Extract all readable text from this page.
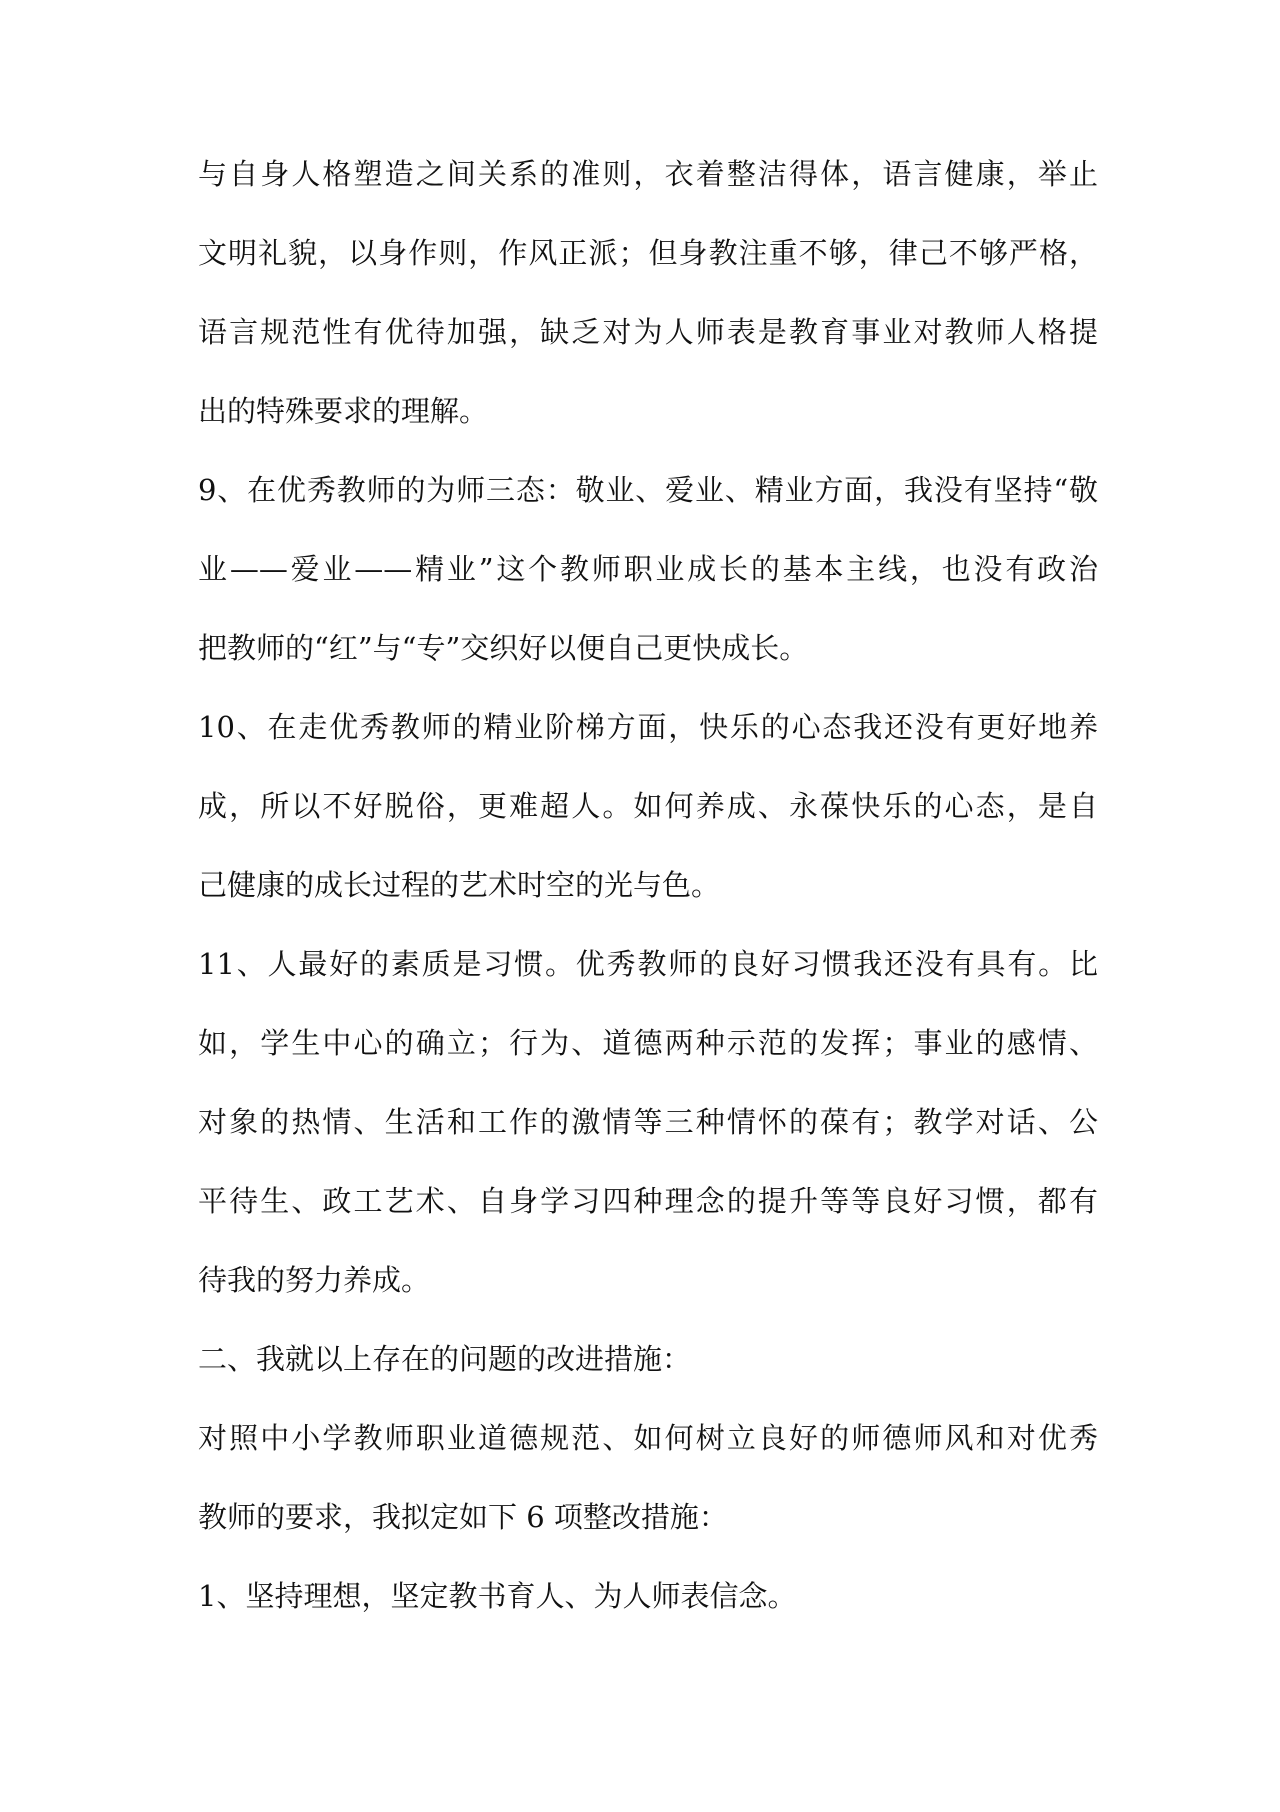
与自身人格塑造之间关系的准则，衣着整洁得体，语言健康，举止
文明礼貌，以身作则，作风正派；但身教注重不够，律己不够严格，
语言规范性有优待加强，缺乏对为人师表是教育事业对教师人格提
出的特殊要求的理解。
9、在优秀教师的为师三态：敬业、爱业、精业方面，我没有坚持“敬
业——爱业——精业”这个教师职业成长的基本主线，也没有政治
把教师的“红”与“专”交织好以便自己更快成长。
10、在走优秀教师的精业阶梯方面，快乐的心态我还没有更好地养
成，所以不好脱俗，更难超人。如何养成、永葆快乐的心态，是自
己健康的成长过程的艺术时空的光与色。
11、人最好的素质是习惯。优秀教师的良好习惯我还没有具有。比
如，学生中心的确立；行为、道德两种示范的发挥；事业的感情、
对象的热情、生活和工作的激情等三种情怀的葆有；教学对话、公
平待生、政工艺术、自身学习四种理念的提升等等良好习惯，都有
待我的努力养成。
二、我就以上存在的问题的改进措施：
对照中小学教师职业道德规范、如何树立良好的师德师风和对优秀
教师的要求，我拟定如下 6 项整改措施：
1、坚持理想，坚定教书育人、为人师表信念。
